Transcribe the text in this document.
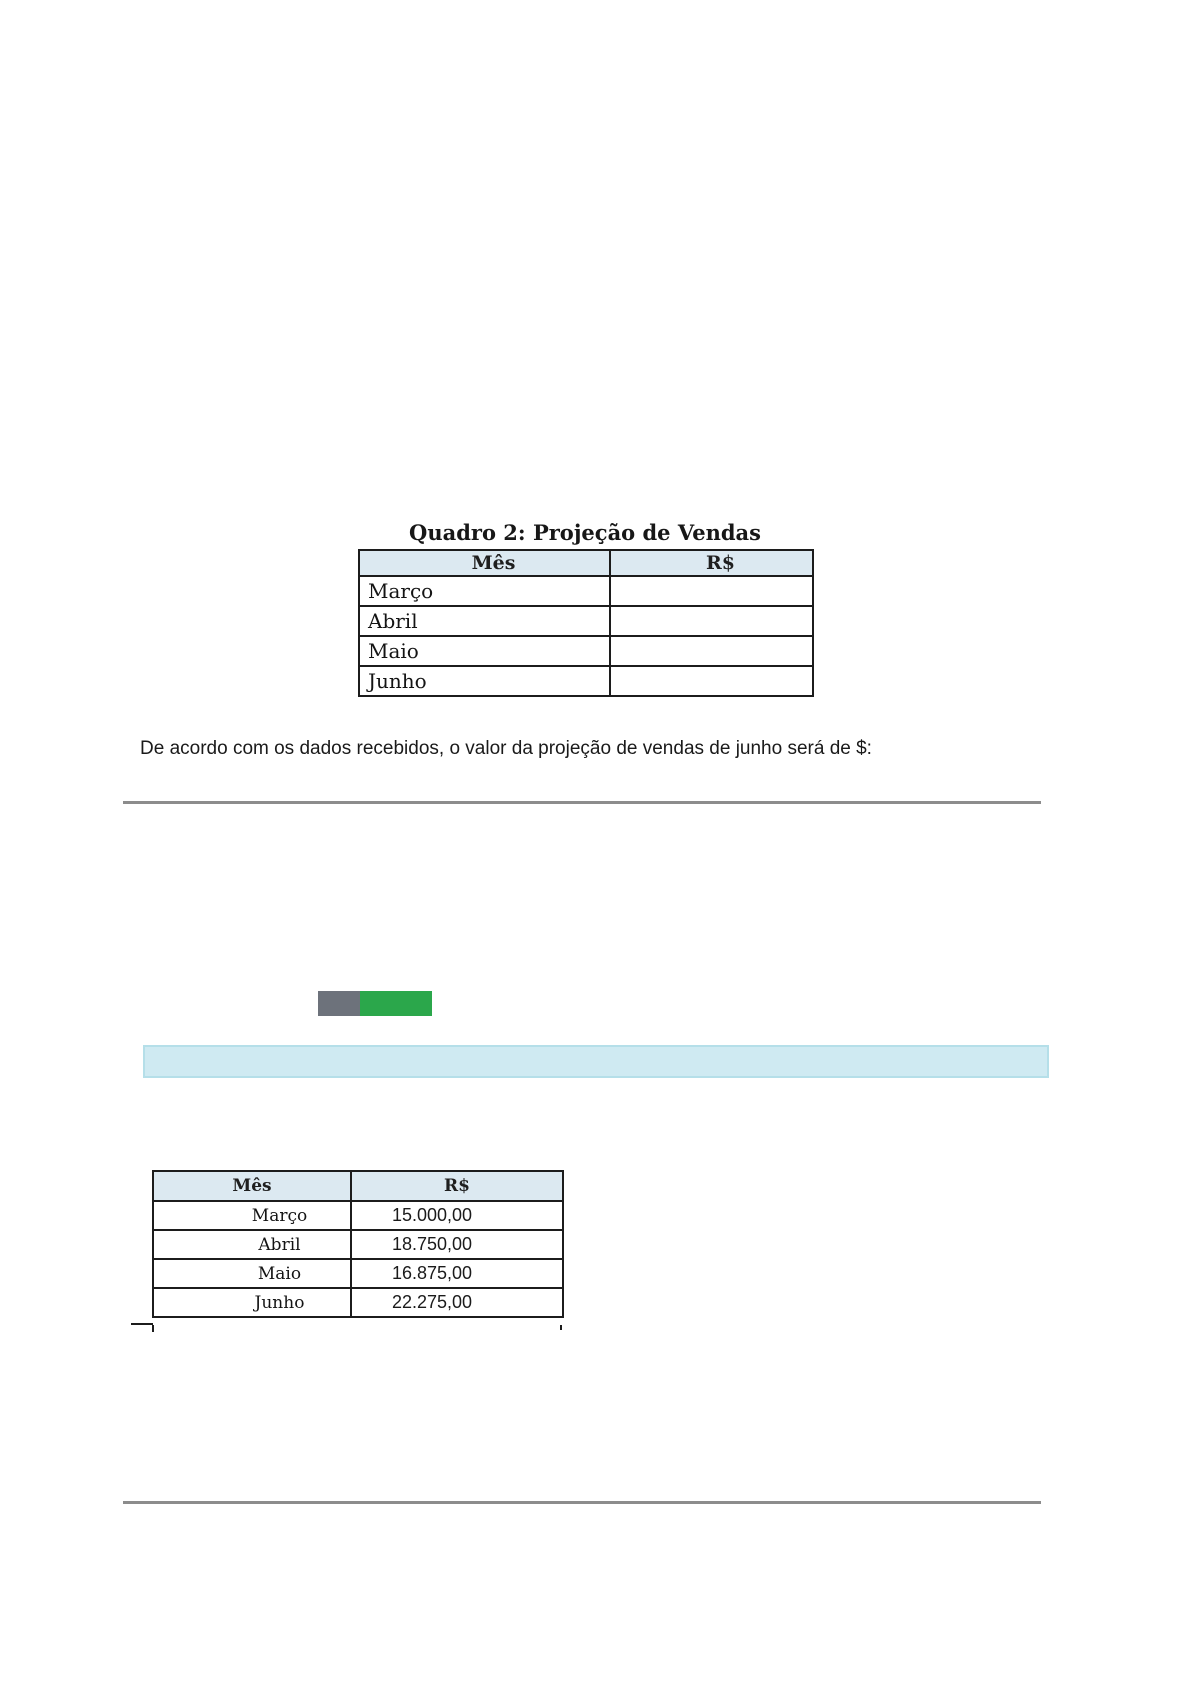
Quadro 2: Projeção de Vendas
Mês	R$
Março	
Abril	
Maio	
Junho	
De acordo com os dados recebidos, o valor da projeção de vendas de junho será de $:
Mês	R$
Março	15.000,00
Abril	18.750,00
Maio	16.875,00
Junho	22.275,00
